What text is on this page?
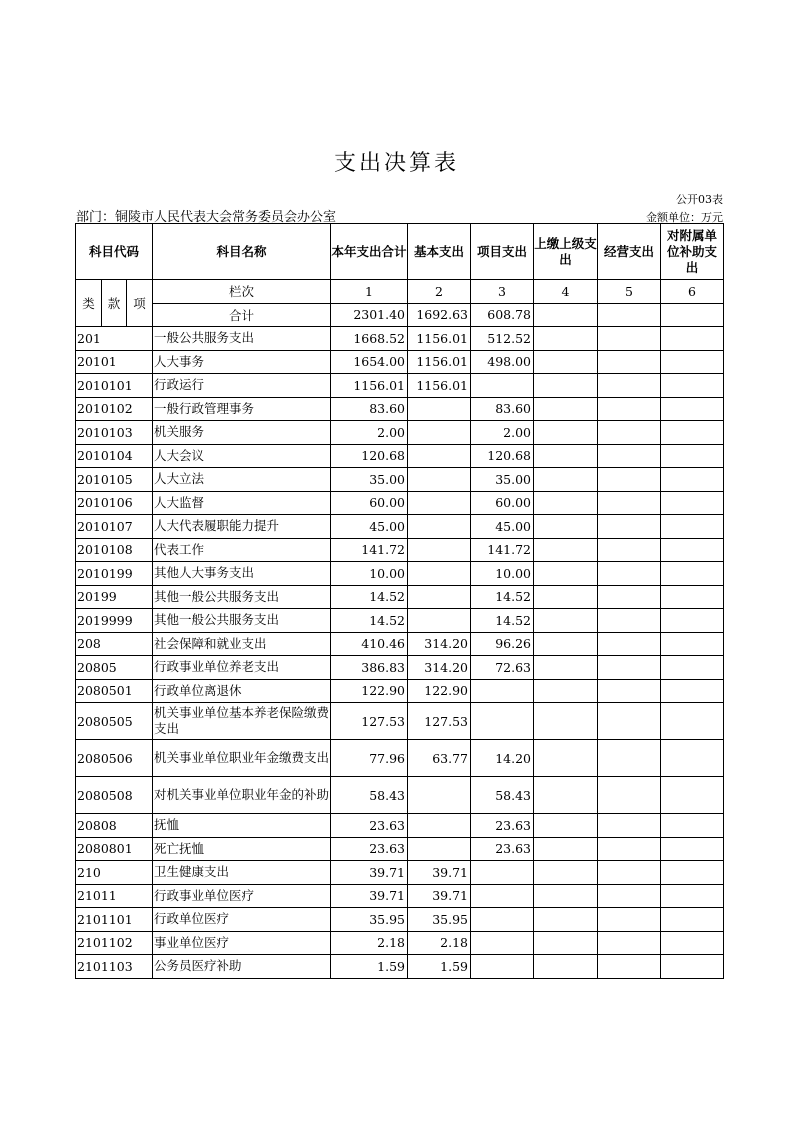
支出决算表
公开03表
部门：铜陵市人民代表大会常务委员会办公室	金额单位：万元
科目代码			科目名称	本年支出合计	基本支出	项目支出	上缴上级支出	经营支出	对附属单位补助支出
类	款	项	栏次	1	2	3	4	5	6
			合计	2301.40	1692.63	608.78			
201			一般公共服务支出	1668.52	1156.01	512.52			
20101			人大事务	1654.00	1156.01	498.00			
2010101			行政运行	1156.01	1156.01				
2010102			一般行政管理事务	83.60		83.60			
2010103			机关服务	2.00		2.00			
2010104			人大会议	120.68		120.68			
2010105			人大立法	35.00		35.00			
2010106			人大监督	60.00		60.00			
2010107			人大代表履职能力提升	45.00		45.00			
2010108			代表工作	141.72		141.72			
2010199			其他人大事务支出	10.00		10.00			
20199			其他一般公共服务支出	14.52		14.52			
2019999			其他一般公共服务支出	14.52		14.52			
208			社会保障和就业支出	410.46	314.20	96.26			
20805			行政事业单位养老支出	386.83	314.20	72.63			
2080501			行政单位离退休	122.90	122.90				
2080505			机关事业单位基本养老保险缴费支出	127.53	127.53				
2080506			机关事业单位职业年金缴费支出	77.96	63.77	14.20			
2080508			对机关事业单位职业年金的补助	58.43		58.43			
20808			抚恤	23.63		23.63			
2080801			死亡抚恤	23.63		23.63			
210			卫生健康支出	39.71	39.71				
21011			行政事业单位医疗	39.71	39.71				
2101101			行政单位医疗	35.95	35.95				
2101102			事业单位医疗	2.18	2.18				
2101103			公务员医疗补助	1.59	1.59				
